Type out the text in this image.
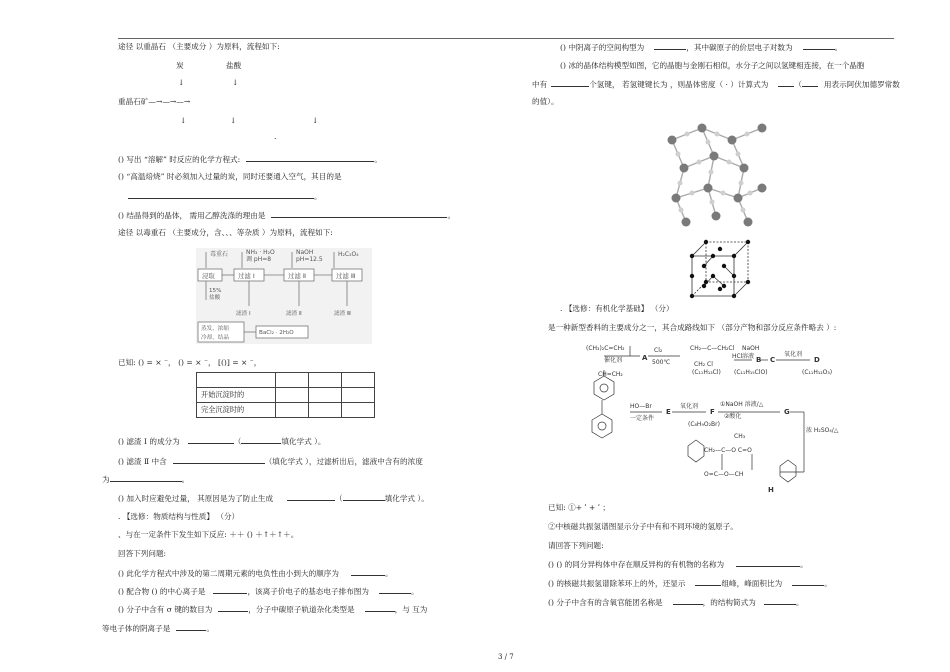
途径 以重晶石 （主要成分 ）为原料，流程如下:
炭	盐酸
↓	↓
重晶石矿—→—→—→
↓	↓	↓
·
() 写出 “溶解” 时反应的化学方程式:	。
() “高温焙烧” 时必须加入过量的炭，同时还要通入空气，其目的是
。
() 结晶得到的晶体， 需用乙醇洗涤的理由是	。
途径 以毒重石 （主要成分，含、、、等杂质 ）为原料，流程如下:
毒重石	NH₃ · H₂O
调 pH=8
NaOH
pH=12.5
H₂C₂O₄
浸取	过滤 Ⅰ	过滤 Ⅱ	过滤 Ⅲ
15%
盐酸
滤渣 Ⅰ	滤渣 Ⅱ	滤渣 Ⅲ
蒸发、浓缩
冷却，结晶
BaCl₂ · 2H₂O
已知: () = × ⁻， () = × ⁻， [()] = × ⁻，

开始沉淀时的			
完全沉淀时的			
() 滤渣 Ⅰ 的成分为	（	填化学式 ）。
() 滤渣 Ⅱ 中含	（填化学式 ），过滤析出后，滤液中含有的浓度
为	。
() 加入时应避免过量， 其原因是为了防止生成	（	填化学式 ）。
. 【选修：物质结构与性质】 （分）
、与在一定条件下发生如下反应: ＋＋ () ＋↑＋↑＋。
回答下列问题:
() 此化学方程式中涉及的第二周期元素的电负性由小到大的顺序为	。
() 配合物 () 的中心离子是	，该离子价电子的基态电子排布图为	。
() 分子中含有 σ 键的数目为	，分子中碳原子轨道杂化类型是	，与 互为
等电子体的阴离子是	。
() 中阴离子的空间构型为	，其中碳原子的价层电子对数为	。
() 冰的晶体结构模型如图，它的晶胞与金刚石相似，水分子之间以氢键相连接，在一个晶胞
中有	个氢键， 若氢键键长为 ，则晶体密度（ · ）计算式为	（	用表示阿伏加德罗常数
的值）。
. 【选修：有机化学基础】 （分）
是一种新型香料的主要成分之一，其合成路线如下 （部分产物和部分反应条件略去 ）:
(CH₃)₂C=CH₂
催化剂	A
Cl₂
500℃
CH₂—C—CH₂Cl
CH₂ Cl
NaOH
溶液 B
HCl	C
氧化剂
D
(C₁₁H₁₃Cl) (C₁₁H₁₅ClO)	(C₁₁H₁₂O₃)
CH=CH₂
HO—Br
一定条件
E
氧化剂
F
①NaOH 溶液/△
②酸化
G
(C₈H₉O₂Br)
浓 H₂SO₄/△
CH₃
CH₂—C—O C=O
O=C—O—CH
H
已知: ①+ ʹ + ʹ ；
②中核磁共振氢谱图显示分子中有和不同环境的氢原子。
请回答下列问题:
() () 的同分异构体中存在顺反异构的有机物的名称为	。
() 的核磁共振氢谱除苯环上的外，还显示	组峰，峰面积比为	。
() 分子中含有的含氧官能团名称是	，的结构简式为	。
3 / 7
